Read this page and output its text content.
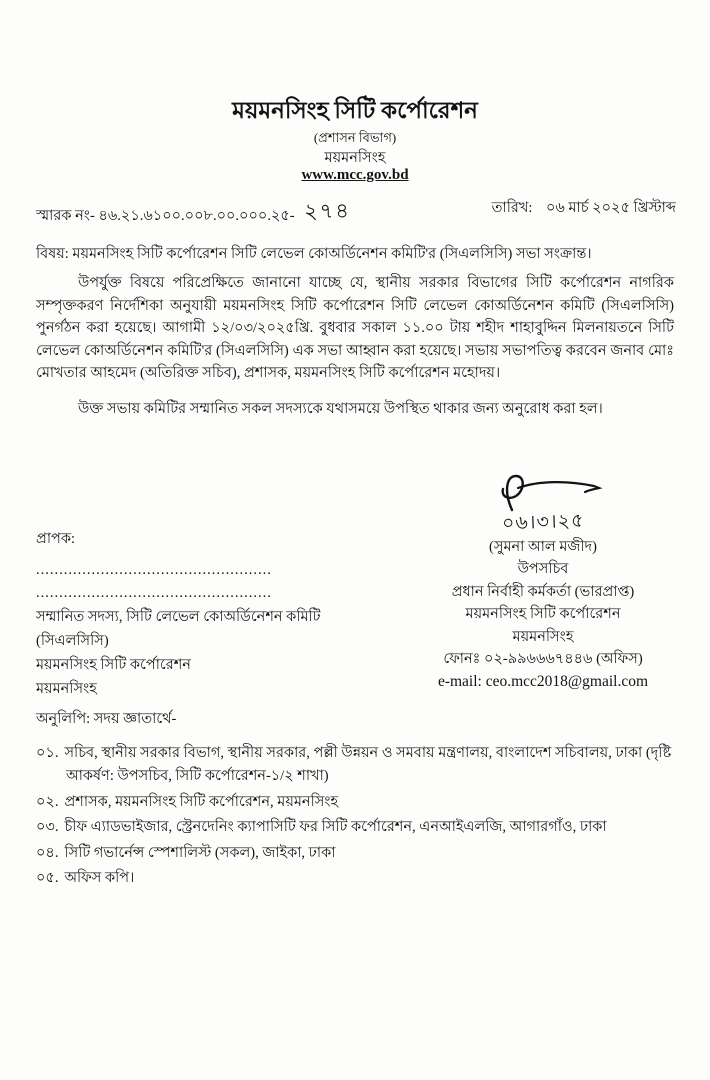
ময়মনসিংহ সিটি কর্পোরেশন
(প্রশাসন বিভাগ)
ময়মনসিংহ
www.mcc.gov.bd
স্মারক নং- ৪৬.২১.৬১০০.০০৮.০০.০০০.২৫- ২৭৪	তারিখ: ০৬ মার্চ ২০২৫ খ্রিস্টাব্দ
বিষয়: ময়মনসিংহ সিটি কর্পোরেশন সিটি লেভেল কোঅর্ডিনেশন কমিটি'র (সিএলসিসি) সভা সংক্রান্ত।
উপর্যুক্ত বিষয়ে পরিপ্রেক্ষিতে জানানো যাচ্ছে যে, স্থানীয় সরকার বিভাগের সিটি কর্পোরেশন নাগরিক সম্পৃক্তকরণ নির্দেশিকা অনুযায়ী ময়মনসিংহ সিটি কর্পোরেশন সিটি লেভেল কোঅর্ডিনেশন কমিটি (সিএলসিসি) পুনর্গঠন করা হয়েছে। আগামী ১২/০৩/২০২৫খ্রি. বুধবার সকাল ১১.০০ টায় শহীদ শাহাবুদ্দিন মিলনায়তনে সিটি লেভেল কোঅর্ডিনেশন কমিটি'র (সিএলসিসি) এক সভা আহ্বান করা হয়েছে। সভায় সভাপতিত্ব করবেন জনাব মোঃ মোখতার আহমেদ (অতিরিক্ত সচিব), প্রশাসক, ময়মনসিংহ সিটি কর্পোরেশন মহোদয়।
উক্ত সভায় কমিটির সম্মানিত সকল সদস্যকে যথাসময়ে উপস্থিত থাকার জন্য অনুরোধ করা হল।
০৬।৩।২৫
(সুমনা আল মজীদ)
উপসচিব
প্রধান নির্বাহী কর্মকর্তা (ভারপ্রাপ্ত)
ময়মনসিংহ সিটি কর্পোরেশন
ময়মনসিংহ
ফোনঃ ০২-৯৯৬৬৬৭৪৪৬ (অফিস)
e-mail: ceo.mcc2018@gmail.com
প্রাপক:
...................................................
...................................................
সম্মানিত সদস্য, সিটি লেভেল কোঅর্ডিনেশন কমিটি (সিএলসিসি)
ময়মনসিংহ সিটি কর্পোরেশন
ময়মনসিংহ
অনুলিপি: সদয় জ্ঞাতার্থে-
০১. সচিব, স্থানীয় সরকার বিভাগ, স্থানীয় সরকার, পল্লী উন্নয়ন ও সমবায় মন্ত্রণালয়, বাংলাদেশ সচিবালয়, ঢাকা (দৃষ্টি আকর্ষণ: উপসচিব, সিটি কর্পোরেশন-১/২ শাখা)
০২. প্রশাসক, ময়মনসিংহ সিটি কর্পোরেশন, ময়মনসিংহ
০৩. চীফ এ্যাডভাইজার, স্ট্রেনদেনিং ক্যাপাসিটি ফর সিটি কর্পোরেশন, এনআইএলজি, আগারগাঁও, ঢাকা
০৪. সিটি গভার্নেন্স স্পেশালিস্ট (সকল), জাইকা, ঢাকা
০৫. অফিস কপি।
